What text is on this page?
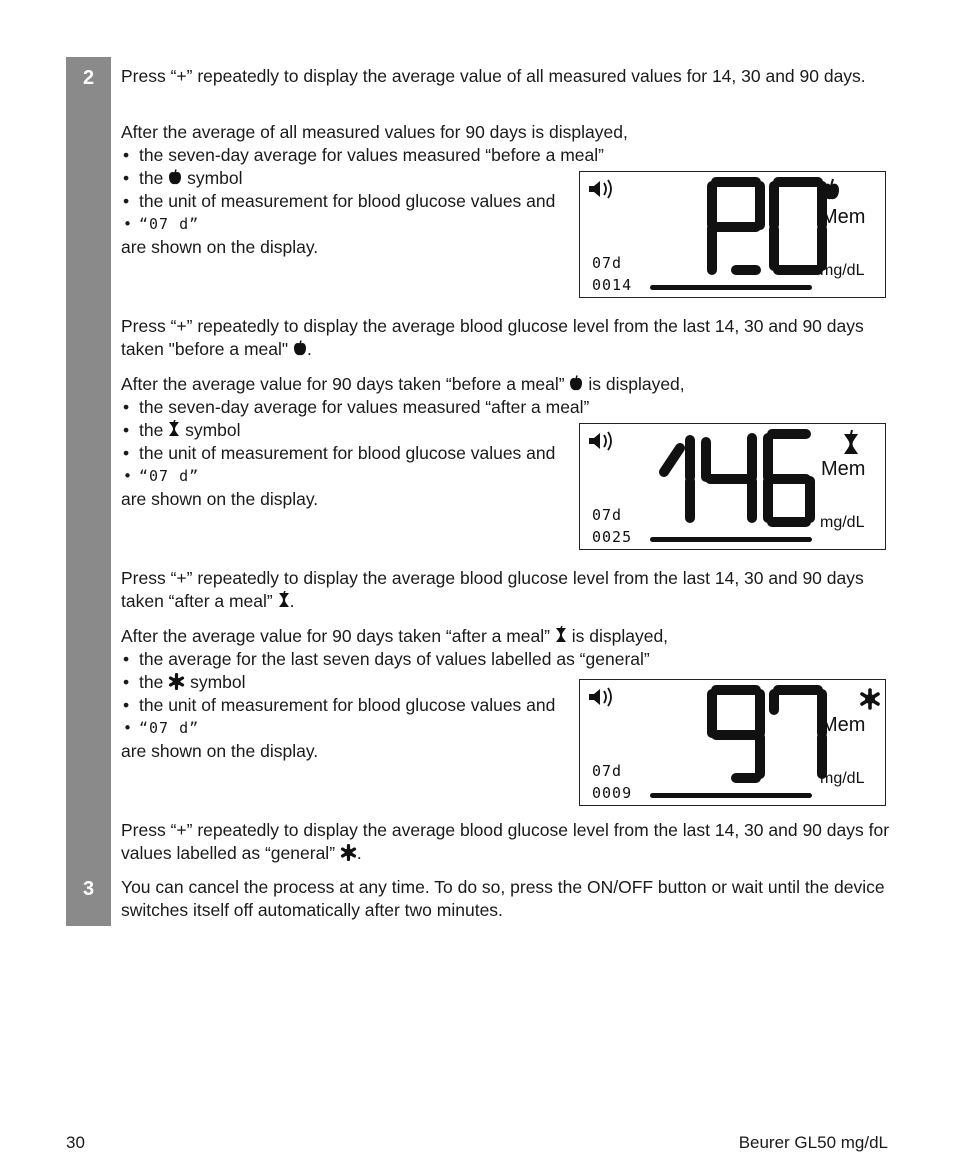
2
3

Press “+” repeatedly to display the average value of all measured values for 14, 30 and 90 days.

After the average of all measured values for 90 days is displayed,

• the seven-day average for values measured “before a meal”

• the symbol

• the unit of measurement for blood glucose values and

• “07 d”

are shown on the display.

07d
0014
Mem
mg/dL

Press “+” repeatedly to display the average blood glucose level from the last 14, 30 and 90 days taken "before a meal" .

After the average value for 90 days taken “before a meal” is displayed,

• the seven-day average for values measured “after a meal”

• the symbol

• the unit of measurement for blood glucose values and

• “07 d”

are shown on the display.

07d
0025
Mem
mg/dL

Press “+” repeatedly to display the average blood glucose level from the last 14, 30 and 90 days taken “after a meal” .

After the average value for 90 days taken “after a meal” is displayed,

• the average for the last seven days of values labelled as “general”

• the symbol

• the unit of measurement for blood glucose values and

• “07 d”

are shown on the display.

07d
0009
Mem
mg/dL

Press “+” repeatedly to display the average blood glucose level from the last 14, 30 and 90 days for values labelled as “general” .

You can cancel the process at any time. To do so, press the ON/OFF button or wait until the device switches itself off automatically after two minutes.

30	Beurer GL50 mg/dL
